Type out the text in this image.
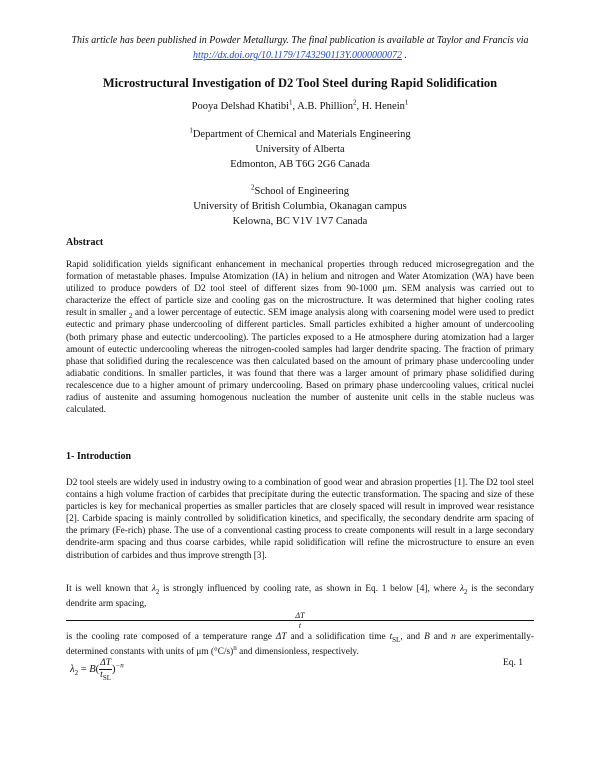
This article has been published in Powder Metallurgy. The final publication is available at Taylor and Francis via http://dx.doi.org/10.1179/1743290113Y.0000000072 .
Microstructural Investigation of D2 Tool Steel during Rapid Solidification
Pooya Delshad Khatibi$^1$, A.B. Phillion$^2$, H. Henein$^1$
$^1$Department of Chemical and Materials Engineering
University of Alberta
Edmonton, AB T6G 2G6 Canada
$^2$School of Engineering
University of British Columbia, Okanagan campus
Kelowna, BC V1V 1V7 Canada
Abstract
Rapid solidification yields significant enhancement in mechanical properties through reduced microsegregation and the formation of metastable phases. Impulse Atomization (IA) in helium and nitrogen and Water Atomization (WA) have been utilized to produce powders of D2 tool steel of different sizes from 90-1000 μm. SEM analysis was carried out to characterize the effect of particle size and cooling gas on the microstructure. It was determined that higher cooling rates result in smaller $_2$ and a lower percentage of eutectic. SEM image analysis along with coarsening model were used to predict eutectic and primary phase undercooling of different particles. Small particles exhibited a higher amount of undercooling (both primary phase and eutectic undercooling). The particles exposed to a He atmosphere during atomization had a larger amount of eutectic undercooling whereas the nitrogen-cooled samples had larger dendrite spacing. The fraction of primary phase that solidified during the recalescence was then calculated based on the amount of primary phase undercooling under adiabatic conditions. In smaller particles, it was found that there was a larger amount of primary phase solidified during recalescence due to a higher amount of primary undercooling. Based on primary phase undercooling values, critical nuclei radius of austenite and assuming homogenous nucleation the number of austenite unit cells in the stable nucleus was calculated.
1- Introduction
D2 tool steels are widely used in industry owing to a combination of good wear and abrasion properties [1]. The D2 tool steel contains a high volume fraction of carbides that precipitate during the eutectic transformation. The spacing and size of these particles is key for mechanical properties as smaller particles that are closely spaced will result in improved wear resistance [2]. Carbide spacing is mainly controlled by solidification kinetics, and specifically, the secondary dendrite arm spacing of the primary (Fe-rich) phase. The use of a conventional casting process to create components will result in a large secondary dendrite-arm spacing and thus coarse carbides, while rapid solidification will refine the microstructure to ensure an even distribution of carbides and thus improve strength [3].
It is well known that $\lambda_2$ is strongly influenced by cooling rate, as shown in Eq. 1 below [4], where $\lambda_2$ is the secondary dendrite arm spacing,
ΔT
t
is the cooling rate composed of a temperature range ΔT and a solidification time $t_{SL}$, and B and n are experimentally-determined constants with units of μm $(^\circ C/s)^n$ and dimensionless, respectively.
$\lambda_2 = B$(
ΔT
$t_{SL}$
)$^{-n}$	Eq. 1
